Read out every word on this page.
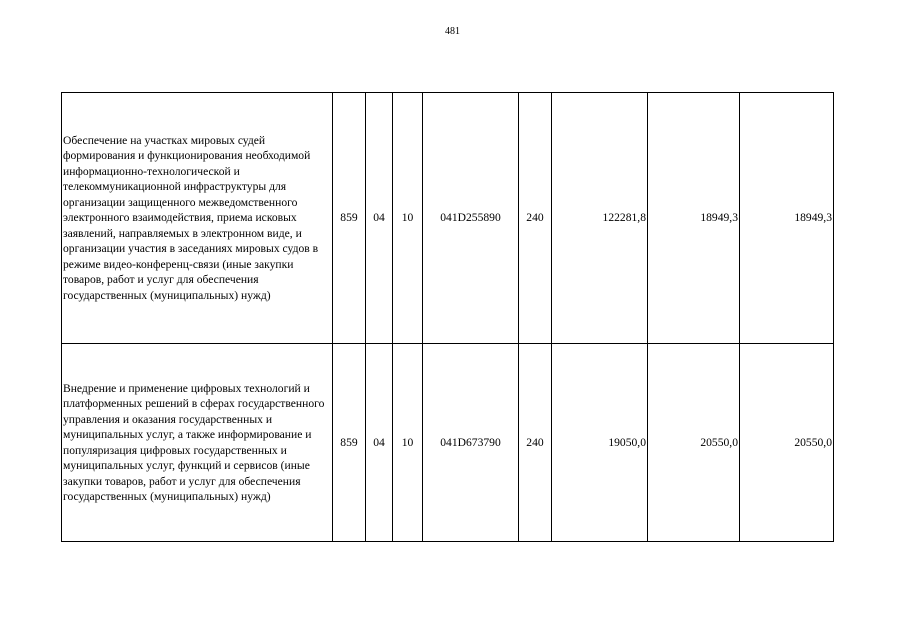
481
Обеспечение на участках мировых судей формирования и функционирования необходимой информационно-технологической и телекоммуникационной инфраструктуры для организации защищенного межведомственного электронного взаимодействия, приема исковых заявлений, направляемых в электронном виде, и организации участия в заседаниях мировых судов в режиме видео-конференц-связи (иные закупки товаров, работ и услуг для обеспечения государственных (муниципальных) нужд)	859	04	10	041D255890	240	122281,8	18949,3	18949,3
Внедрение и применение цифровых технологий и платформенных решений в сферах государственного управления и оказания государственных и муниципальных услуг, а также информирование и популяризация цифровых государственных и муниципальных услуг, функций и сервисов (иные закупки товаров, работ и услуг для обеспечения государственных (муниципальных) нужд)	859	04	10	041D673790	240	19050,0	20550,0	20550,0
